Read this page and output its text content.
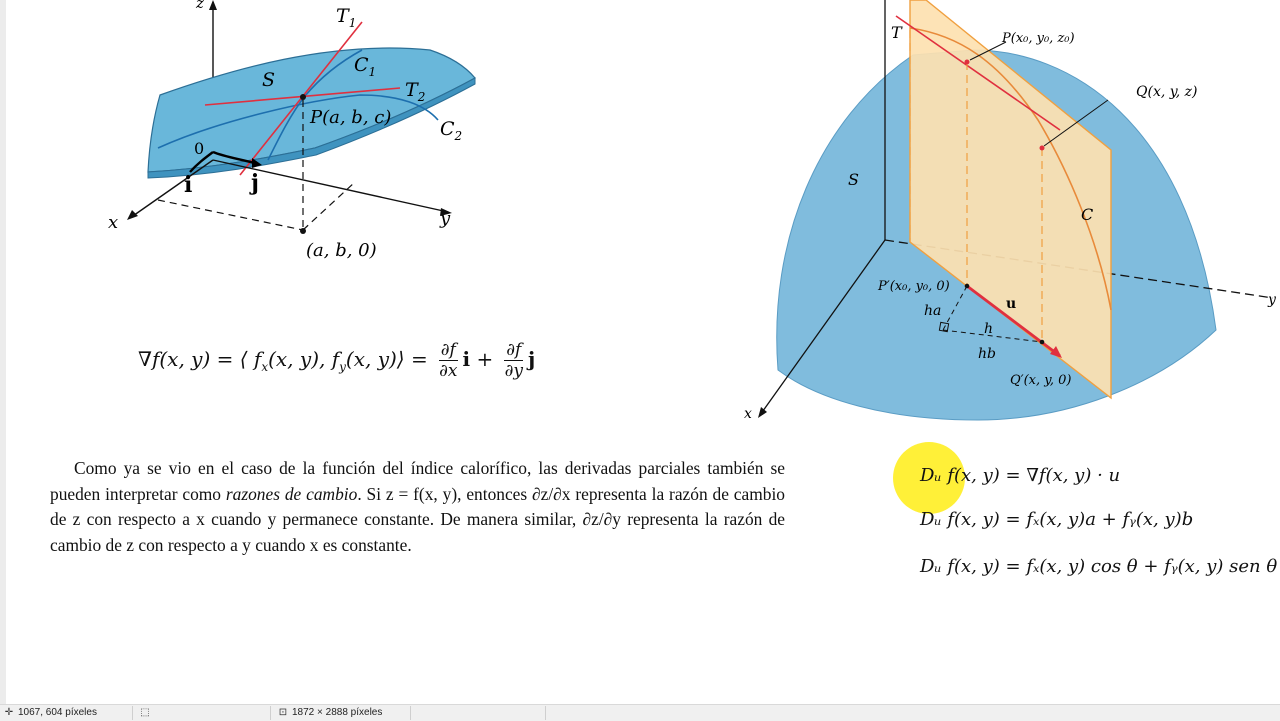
z
i	j
$T_1$
S
$C_1$
$T_2$
P(a, b, c)
$C_2$
0
x	y
(a, b, 0)
∇f(x, y) = ⟨ $f_x(x$, y), $f_y(x$, y)⟩ = $\frac{\partial f}{\partial x}$ $i + \frac{\partial f}{\partial y}$ j
Como ya se vio en el caso de la función del índice calorífico, las derivadas parciales también se pueden interpretar como razones de cambio. Si z = f(x, y), entonces ∂z/∂x representa la razón de cambio de z con respecto a x cuando y permanece constante. De manera similar, ∂z/∂y representa la razón de cambio de z con respecto a y cuando x es constante.
T	P(x₀, y₀, z₀)
Q(x, y, z)
S
C
P′(x₀, y₀, 0)
u
ha
h
hb
Q′(x, y, 0)
x
y
Dᵤ f(x, y) = ∇f(x, y) · u
Dᵤ f(x, y) = fₓ(x, y)a + fᵧ(x, y)b
Dᵤ f(x, y) = fₓ(x, y) cos θ + fᵧ(x, y) sen θ
✛ 1067, 604 píxeles	⬚	⊡ 1872 × 2888 píxeles
